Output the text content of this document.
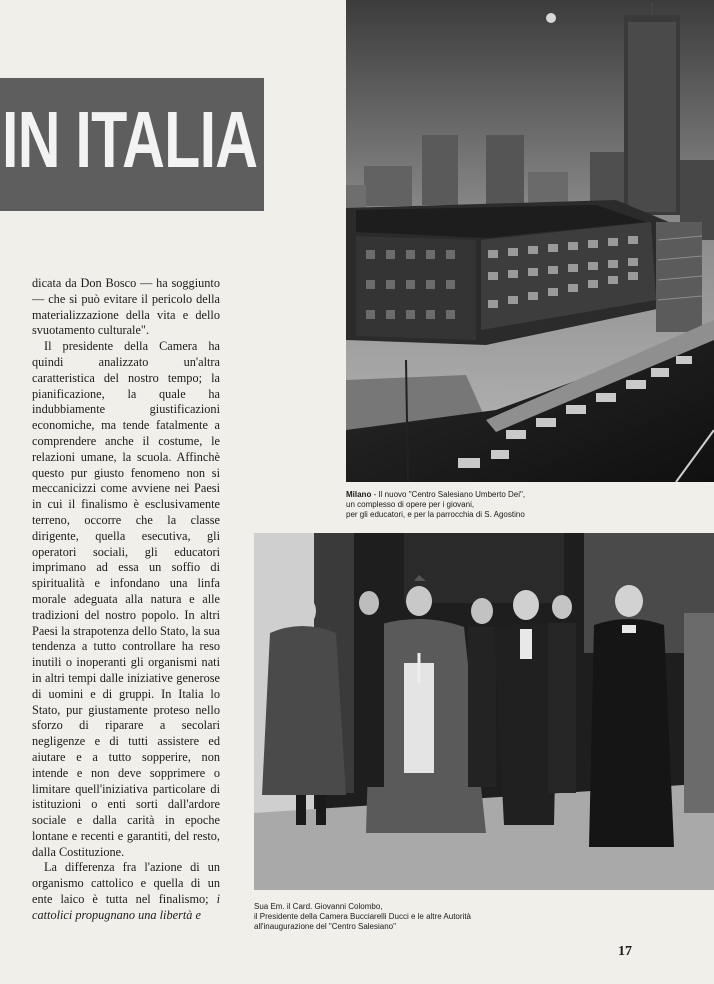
IN ITALIA

dicata da Don Bosco — ha soggiunto — che si può evitare il pericolo della materializzazione della vita e dello svuotamento culturale".

Il presidente della Camera ha quindi analizzato un'altra caratteristica del nostro tempo; la pianificazione, la quale ha indubbiamente giustificazioni economiche, ma tende fatalmente a comprendere anche il costume, le relazioni umane, la scuola. Affinchè questo pur giusto fenomeno non si meccanicizzi come avviene nei Paesi in cui il finalismo è esclusivamente terreno, occorre che la classe dirigente, quella esecutiva, gli operatori sociali, gli educatori imprimano ad essa un soffio di spiritualità e infondano una linfa morale adeguata alla natura e alle tradizioni del nostro popolo. In altri Paesi la strapotenza dello Stato, la sua tendenza a tutto controllare ha reso inutili o inoperanti gli organismi nati in altri tempi dalle iniziative generose di uomini e di gruppi. In Italia lo Stato, pur giustamente proteso nello sforzo di riparare a secolari negligenze e di tutti assistere ed aiutare e a tutto sopperire, non intende e non deve sopprimere o limitare quell'iniziativa particolare di istituzioni o enti sorti dall'ardore sociale e dalla carità in epoche lontane e recenti e garantiti, del resto, dalla Costituzione.

La differenza fra l'azione di un organismo cattolico e quella di un ente laico è tutta nel finalismo; i cattolici propugnano una libertà e

Milano - Il nuovo "Centro Salesiano Umberto Dei",
un complesso di opere per i giovani,
per gli educatori, e per la parrocchia di S. Agostino
Sua Em. il Card. Giovanni Colombo,
il Presidente della Camera Bucciarelli Ducci e le altre Autorità
all'inaugurazione del "Centro Salesiano"
17
